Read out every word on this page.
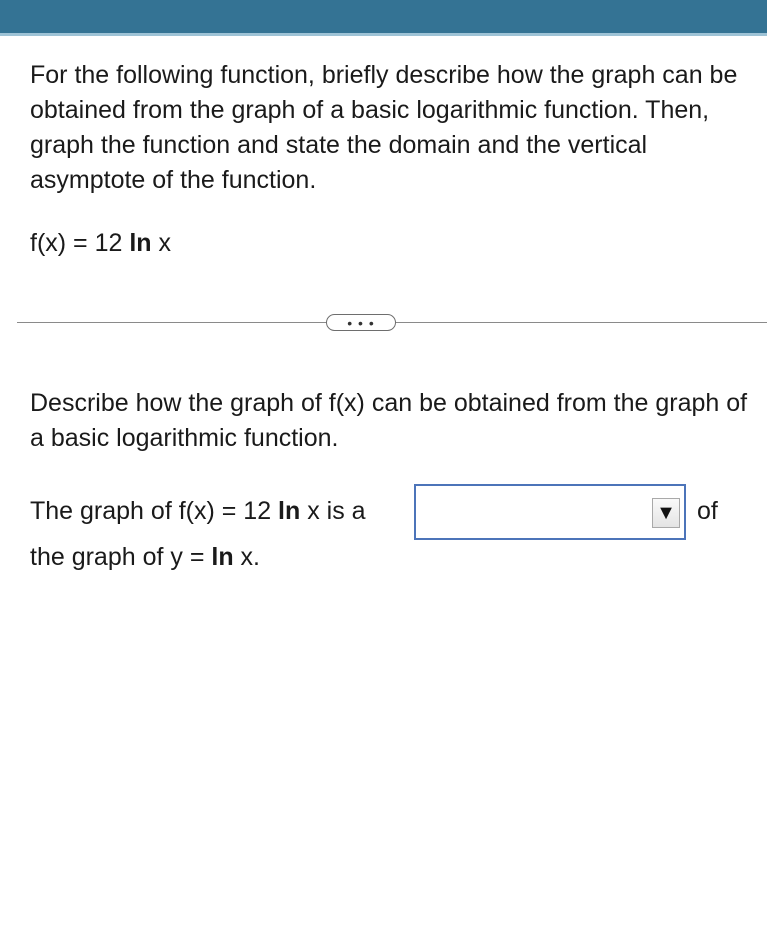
For the following function, briefly describe how the graph can be obtained from the graph of a basic logarithmic function. Then, graph the function and state the domain and the vertical asymptote of the function.
f(x) = 12 ln x
• • •
Describe how the graph of f(x) can be obtained from the graph of a basic logarithmic function.
The graph of f(x) = 12 ln x is a	▼ of
the graph of y = ln x.
